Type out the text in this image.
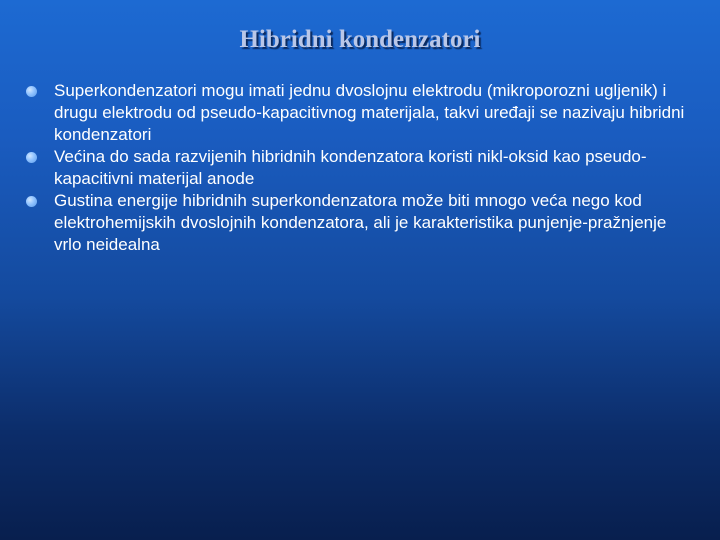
Hibridni kondenzatori
Superkondenzatori mogu imati jednu dvoslojnu elektrodu (mikroporozni ugljenik) i drugu elektrodu od pseudo-kapacitivnog materijala, takvi uređaji se nazivaju hibridni kondenzatori
Većina do sada razvijenih hibridnih kondenzatora koristi nikl-oksid kao pseudo-kapacitivni materijal anode
Gustina energije hibridnih superkondenzatora može biti mnogo veća nego kod elektrohemijskih dvoslojnih kondenzatora, ali je karakteristika punjenje-pražnjenje vrlo neidealna
